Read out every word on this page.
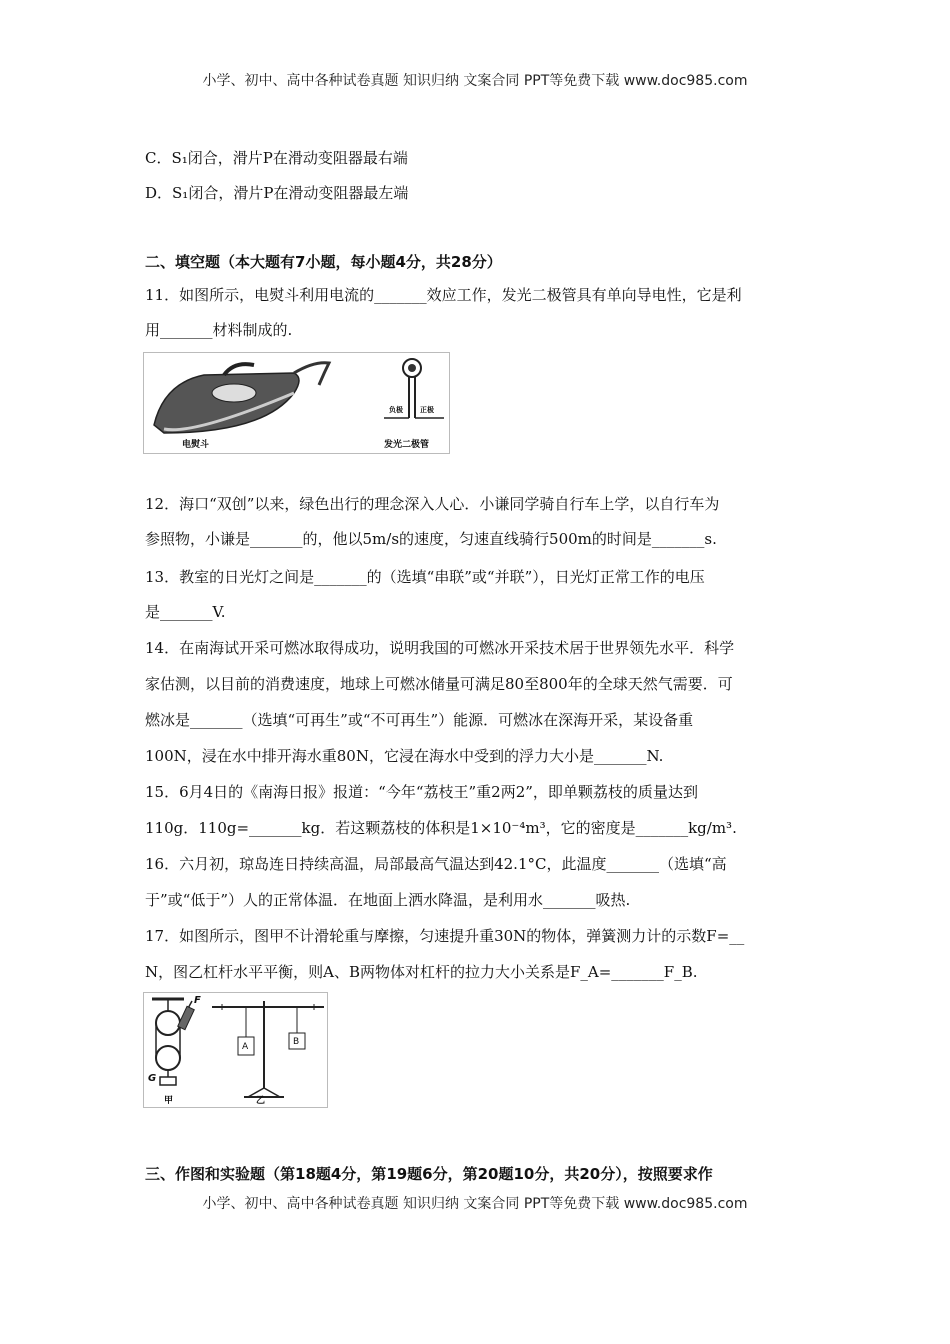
小学、初中、高中各种试卷真题 知识归纳 文案合同 PPT等免费下载 www.doc985.com
C．S₁闭合，滑片P在滑动变阻器最右端
D．S₁闭合，滑片P在滑动变阻器最左端
二、填空题（本大题有7小题，每小题4分，共28分）
11．如图所示，电熨斗利用电流的_______效应工作，发光二极管具有单向导电性，它是利
用_______材料制成的.
负极 正极
电熨斗	发光二极管
12．海口“双创”以来，绿色出行的理念深入人心．小谦同学骑自行车上学，以自行车为
参照物，小谦是_______的，他以5m/s的速度，匀速直线骑行500m的时间是_______s.
13．教室的日光灯之间是_______的（选填“串联”或“并联”），日光灯正常工作的电压
是_______V.
14．在南海试开采可燃冰取得成功，说明我国的可燃冰开采技术居于世界领先水平．科学
家估测，以目前的消费速度，地球上可燃冰储量可满足80至800年的全球天然气需要．可
燃冰是_______（选填“可再生”或“不可再生”）能源．可燃冰在深海开采，某设备重
100N，浸在水中排开海水重80N，它浸在海水中受到的浮力大小是_______N.
15．6月4日的《南海日报》报道：“今年“荔枝王”重2两2”，即单颗荔枝的质量达到
110g．110g=_______kg．若这颗荔枝的体积是1×10⁻⁴m³，它的密度是_______kg/m³.
16．六月初，琼岛连日持续高温，局部最高气温达到42.1°C，此温度_______（选填“高
于”或“低于”）人的正常体温．在地面上洒水降温，是利用水_______吸热.
17．如图所示，图甲不计滑轮重与摩擦，匀速提升重30N的物体，弹簧测力计的示数F=__
N，图乙杠杆水平平衡，则A、B两物体对杠杆的拉力大小关系是F_A=_______F_B.
F
G
A	B
甲	乙
三、作图和实验题（第18题4分，第19题6分，第20题10分，共20分），按照要求作
小学、初中、高中各种试卷真题 知识归纳 文案合同 PPT等免费下载 www.doc985.com
